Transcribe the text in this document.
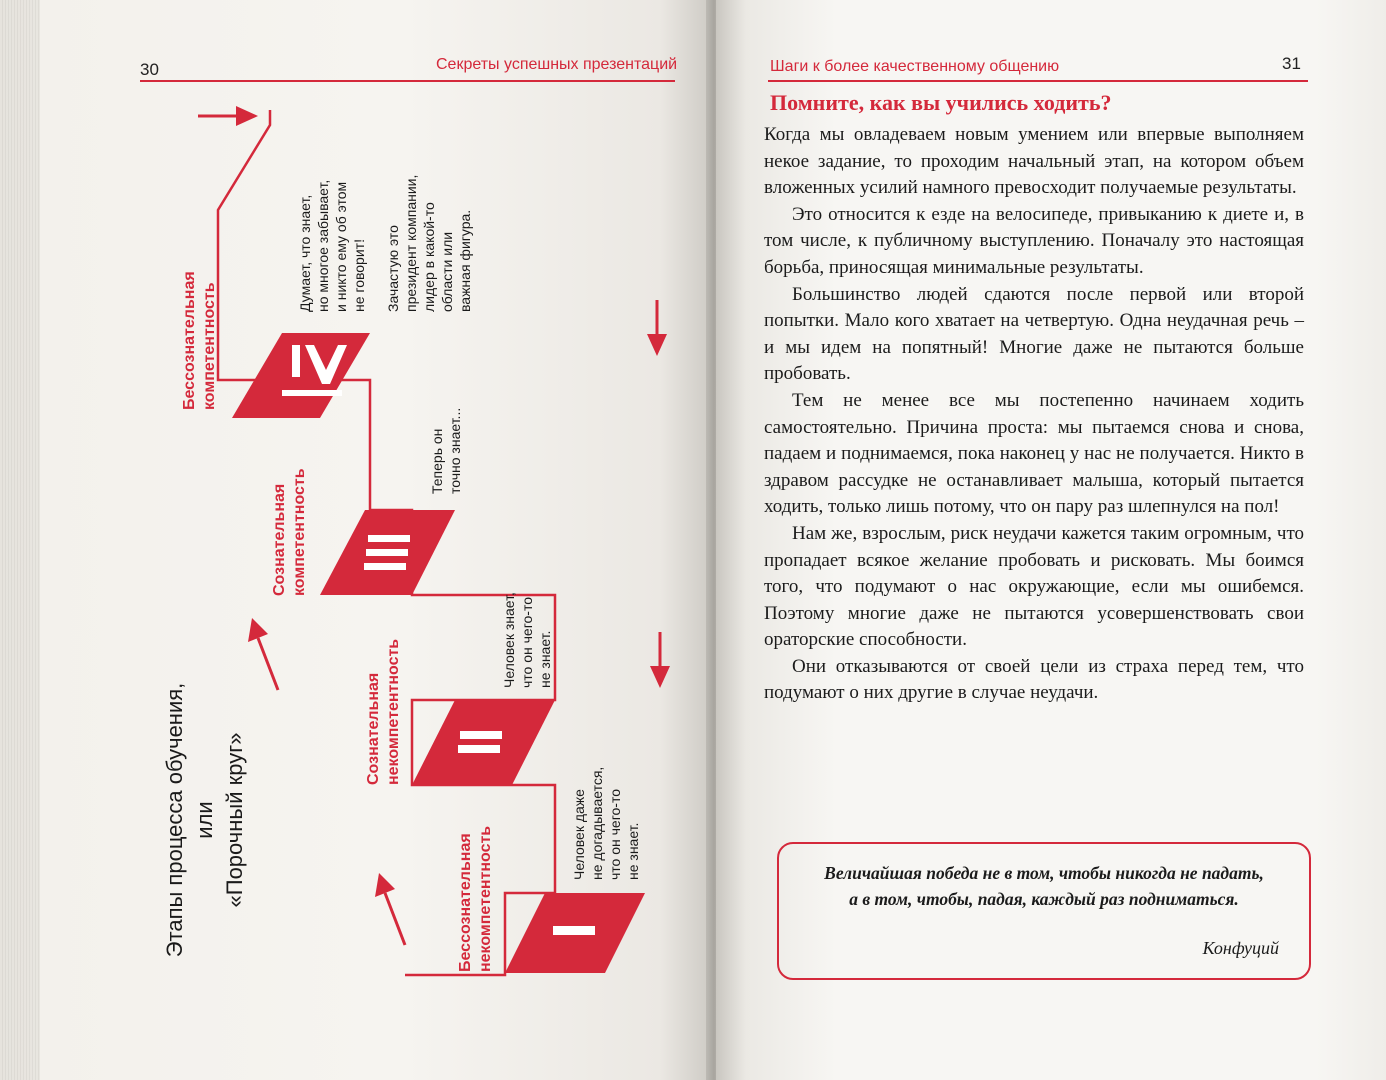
30	Секреты успешных презентаций
Этапы процесса обучения, или «Порочный круг»	Бессознательная некомпетентность	Человек даже не догадывается, что он чего-то не знает.
Сознательная некомпетентность	Человек знает, что он чего-то не знает.
Сознательная компетентность
Теперь он точно знает...
Бессознательная компетентность
Думает, что знает, но многое забывает, и никто ему об этом не говорит! Зачастую это президент компании, лидер в какой-то области или важная фигура.
Шаги к более качественному общению	31
Помните, как вы учились ходить?

Когда мы овладеваем новым умением или впервые выполняем некое задание, то проходим начальный этап, на котором объем вложенных усилий намного превосходит получаемые результаты.

Это относится к езде на велосипеде, привыканию к диете и, в том числе, к публичному выступлению. Поначалу это настоящая борьба, приносящая минимальные результаты.

Большинство людей сдаются после первой или второй попытки. Мало кого хватает на четвертую. Одна неудачная речь – и мы идем на попятный! Многие даже не пытаются больше пробовать.

Тем не менее все мы постепенно начинаем ходить самостоятельно. Причина проста: мы пытаемся снова и снова, падаем и поднимаемся, пока наконец у нас не получается. Никто в здравом рассудке не останавливает малыша, который пытается ходить, только лишь потому, что он пару раз шлепнулся на пол!

Нам же, взрослым, риск неудачи кажется таким огромным, что пропадает всякое желание пробовать и рисковать. Мы боимся того, что подумают о нас окружающие, если мы ошибемся. Поэтому многие даже не пытаются усовершенствовать свои ораторские способности.

Они отказываются от своей цели из страха перед тем, что подумают о них другие в случае неудачи.

Величайшая победа не в том, чтобы никогда не падать, а в том, чтобы, падая, каждый раз подниматься.
Конфуций
